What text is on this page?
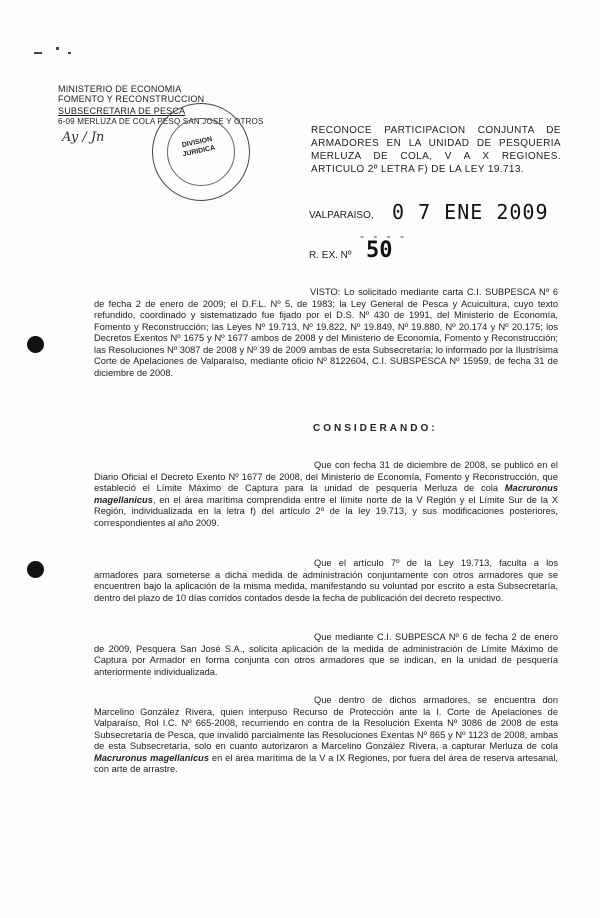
MINISTERIO DE ECONOMIA
FOMENTO Y RECONSTRUCCION
SUBSECRETARIA DE PESCA
6-09 MERLUZA DE COLA PESQ SAN JOSE Y OTROS
Ay / Jn	DIVISION JURIDICA
RECONOCE PARTICIPACION CONJUNTA DE ARMADORES EN LA UNIDAD DE PESQUERIA MERLUZA DE COLA, V A X REGIONES. ARTICULO 2º LETRA F) DE LA LEY 19.713.
VALPARAISO, 0 7 ENE 2009
- - - -
R. EX. Nº 50
VISTO: Lo solicitado mediante carta C.I. SUBPESCA Nº 6 de fecha 2 de enero de 2009; el D.F.L. Nº 5, de 1983; la Ley General de Pesca y Acuicultura, cuyo texto refundido, coordinado y sistematizado fue fijado por el D.S. Nº 430 de 1991, del Ministerio de Economía, Fomento y Reconstrucción; las Leyes Nº 19.713, Nº 19.822, Nº 19.849, Nº 19.880, Nº 20.174 y Nº 20.175; los Decretos Exentos Nº 1675 y Nº 1677 ambos de 2008 y del Ministerio de Economía, Fomento y Reconstrucción; las Resoluciones Nº 3087 de 2008 y Nº 39 de 2009 ambas de esta Subsecretaría; lo informado por la Ilustrísima Corte de Apelaciones de Valparaíso, mediante oficio Nº 8122604, C.I. SUBSPESCA Nº 15959, de fecha 31 de diciembre de 2008.
CONSIDERANDO:
Que con fecha 31 de diciembre de 2008, se publicó en el Diario Oficial el Decreto Exento Nº 1677 de 2008, del Ministerio de Economía, Fomento y Reconstrucción, que estableció el Límite Máximo de Captura para la unidad de pesquería Merluza de cola Macruronus magellanicus, en el área marítima comprendida entre el límite norte de la V Región y el Límite Sur de la X Región, individualizada en la letra f) del artículo 2º de la ley 19.713, y sus modificaciones posteriores, correspondientes al año 2009.
Que el artículo 7º de la Ley 19.713, faculta a los armadores para someterse a dicha medida de administración conjuntamente con otros armadores que se encuentren bajo la aplicación de la misma medida, manifestando su voluntad por escrito a esta Subsecretaría, dentro del plazo de 10 días corridos contados desde la fecha de publicación del decreto respectivo.
Que mediante C.I. SUBPESCA Nº 6 de fecha 2 de enero de 2009, Pesquera San José S.A., solicita aplicación de la medida de administración de Límite Máximo de Captura por Armador en forma conjunta con otros armadores que se indican, en la unidad de pesquería anteriormente individualizada.
Que dentro de dichos armadores, se encuentra don Marcelino González Rivera, quien interpuso Recurso de Protección ante la I. Corte de Apelaciones de Valparaíso, Rol I.C. Nº 665-2008, recurriendo en contra de la Resolución Exenta Nº 3086 de 2008 de esta Subsecretaría de Pesca, que invalidó parcialmente las Resoluciones Exentas Nº 865 y Nº 1123 de 2008, ambas de esta Subsecretaría, solo en cuanto autorizaron a Marcelino González Rivera, a capturar Merluza de cola Macruronus magellanicus en el área marítima de la V a IX Regiones, por fuera del área de reserva artesanal, con arte de arrastre.
